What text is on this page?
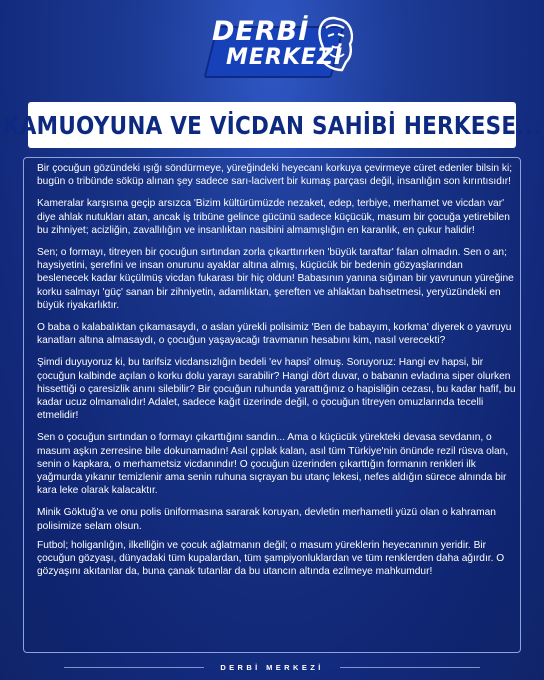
DERBİ
MERKEZİ
KAMUOYUNA VE VİCDAN SAHİBİ HERKESE...

Bir çocuğun gözündeki ışığı söndürmeye, yüreğindeki heyecanı korkuya çevirmeye cüret edenler bilsin ki; bugün o tribünde söküp alınan şey sadece sarı-lacivert bir kumaş parçası değil, insanlığın son kırıntısıdır!

Kameralar karşısına geçip arsızca 'Bizim kültürümüzde nezaket, edep, terbiye, merhamet ve vicdan var' diye ahlak nutukları atan, ancak iş tribüne gelince gücünü sadece küçücük, masum bir çocuğa yetirebilen bu zihniyet; acizliğin, zavallılığın ve insanlıktan nasibini almamışlığın en karanlık, en çukur halidir!

Sen; o formayı, titreyen bir çocuğun sırtından zorla çıkarttırırken 'büyük taraftar' falan olmadın. Sen o an; haysiyetini, şerefini ve insan onurunu ayaklar altına almış, küçücük bir bedenin gözyaşlarından beslenecek kadar küçülmüş vicdan fukarası bir hiç oldun! Babasının yanına sığınan bir yavrunun yüreğine korku salmayı 'güç' sanan bir zihniyetin, adamlıktan, şereften ve ahlaktan bahsetmesi, yeryüzündeki en büyük riyakarlıktır.

O baba o kalabalıktan çıkamasaydı, o aslan yürekli polisimiz 'Ben de babayım, korkma' diyerek o yavruyu kanatları altına almasaydı, o çocuğun yaşayacağı travmanın hesabını kim, nasıl verecekti?

Şimdi duyuyoruz ki, bu tarifsiz vicdansızlığın bedeli 'ev hapsi' olmuş. Soruyoruz: Hangi ev hapsi, bir çocuğun kalbinde açılan o korku dolu yarayı sarabilir? Hangi dört duvar, o babanın evladına siper olurken hissettiği o çaresizlik anını silebilir? Bir çocuğun ruhunda yarattığınız o hapisliğin cezası, bu kadar hafif, bu kadar ucuz olmamalıdır! Adalet, sadece kağıt üzerinde değil, o çocuğun titreyen omuzlarında tecelli etmelidir!

Sen o çocuğun sırtından o formayı çıkarttığını sandın... Ama o küçücük yürekteki devasa sevdanın, o masum aşkın zerresine bile dokunamadın! Asıl çıplak kalan, asıl tüm Türkiye'nin önünde rezil rüsva olan, senin o kapkara, o merhametsiz vicdanındır! O çocuğun üzerinden çıkarttığın formanın renkleri ilk yağmurda yıkanır temizlenir ama senin ruhuna sıçrayan bu utanç lekesi, nefes aldığın sürece alnında bir kara leke olarak kalacaktır.

Minik Göktuğ'a ve onu polis üniformasına sararak koruyan, devletin merhametli yüzü olan o kahraman polisimize selam olsun.

Futbol; holiganlığın, ilkelliğin ve çocuk ağlatmanın değil; o masum yüreklerin heyecanının yeridir. Bir çocuğun gözyaşı, dünyadaki tüm kupalardan, tüm şampiyonluklardan ve tüm renklerden daha ağırdır. O gözyaşını akıtanlar da, buna çanak tutanlar da bu utancın altında ezilmeye mahkumdur!

DERBİ MERKEZİ
